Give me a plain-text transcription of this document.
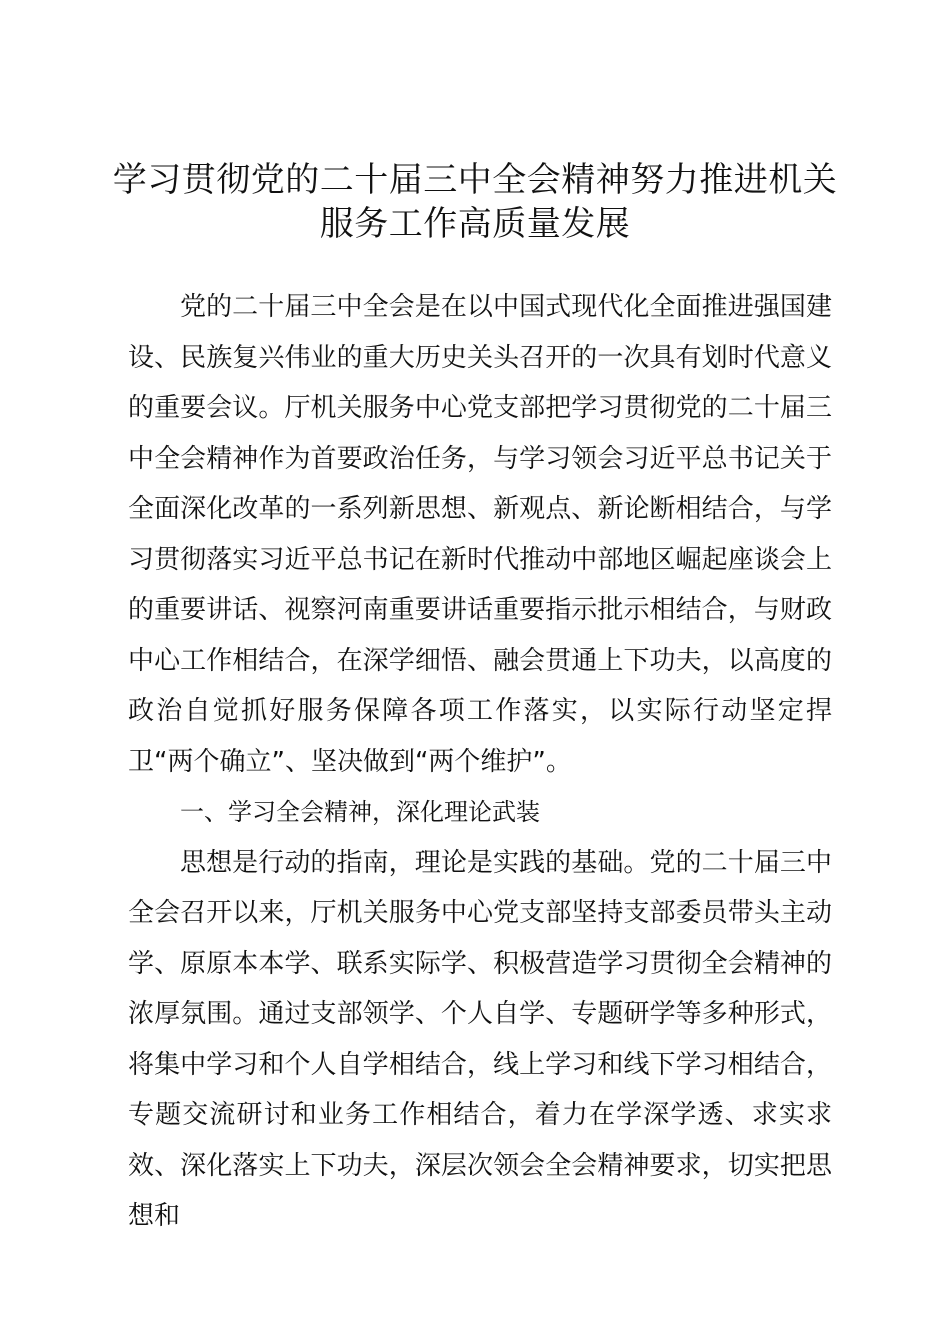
学习贯彻党的二十届三中全会精神努力推进机关服务工作高质量发展

党的二十届三中全会是在以中国式现代化全面推进强国建设、民族复兴伟业的重大历史关头召开的一次具有划时代意义的重要会议。厅机关服务中心党支部把学习贯彻党的二十届三中全会精神作为首要政治任务，与学习领会习近平总书记关于全面深化改革的一系列新思想、新观点、新论断相结合，与学习贯彻落实习近平总书记在新时代推动中部地区崛起座谈会上的重要讲话、视察河南重要讲话重要指示批示相结合，与财政中心工作相结合，在深学细悟、融会贯通上下功夫，以高度的政治自觉抓好服务保障各项工作落实，以实际行动坚定捍卫“两个确立”、坚决做到“两个维护”。

一、学习全会精神，深化理论武装

思想是行动的指南，理论是实践的基础。党的二十届三中全会召开以来，厅机关服务中心党支部坚持支部委员带头主动学、原原本本学、联系实际学、积极营造学习贯彻全会精神的浓厚氛围。通过支部领学、个人自学、专题研学等多种形式，将集中学习和个人自学相结合，线上学习和线下学习相结合，专题交流研讨和业务工作相结合，着力在学深学透、求实求效、深化落实上下功夫，深层次领会全会精神要求，切实把思想和
